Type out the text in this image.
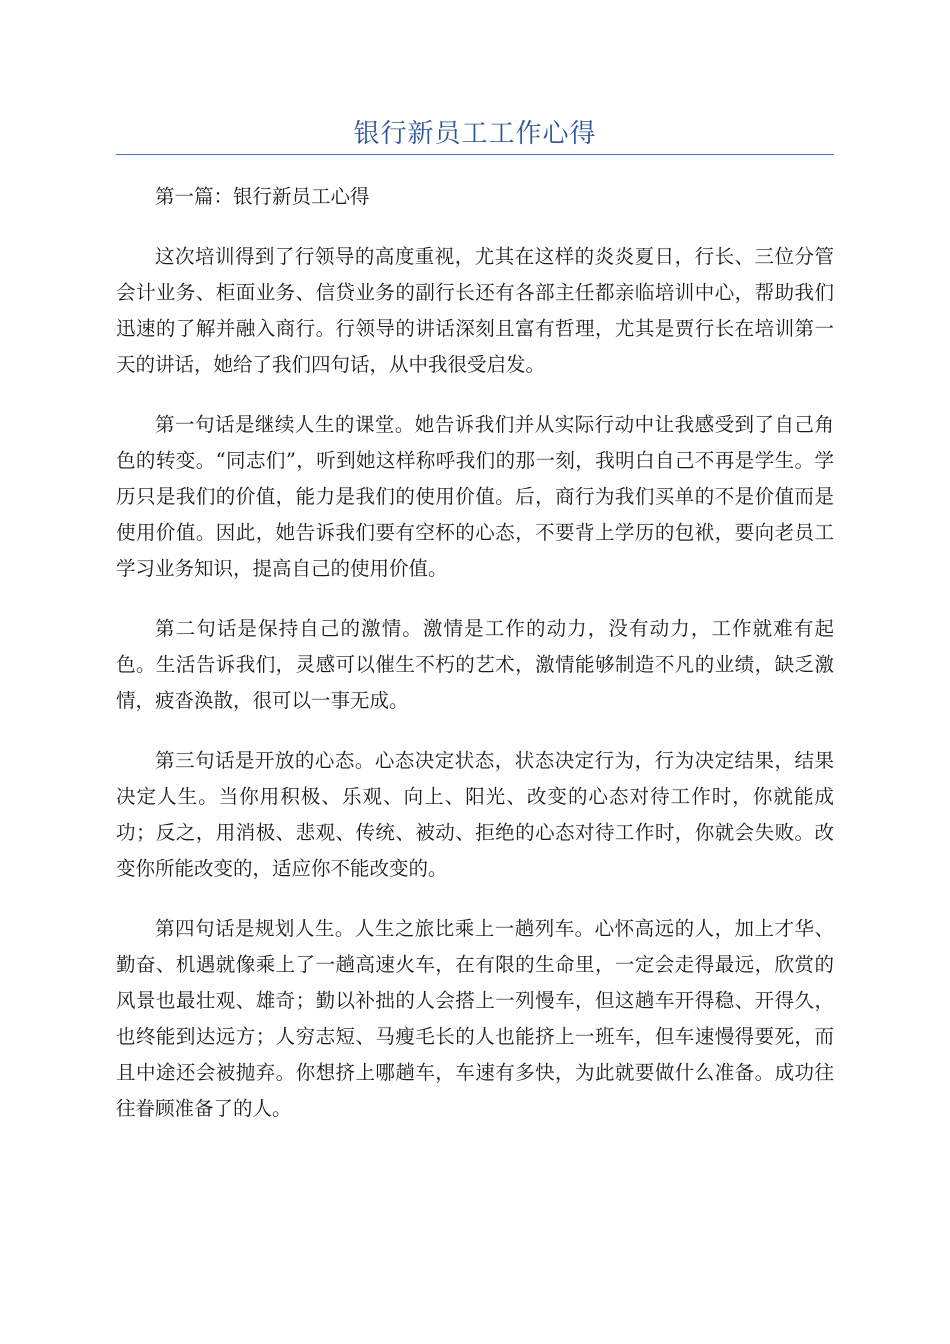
银行新员工工作心得

第一篇：银行新员工心得

这次培训得到了行领导的高度重视，尤其在这样的炎炎夏日，行长、三位分管会计业务、柜面业务、信贷业务的副行长还有各部主任都亲临培训中心，帮助我们迅速的了解并融入商行。行领导的讲话深刻且富有哲理，尤其是贾行长在培训第一天的讲话，她给了我们四句话，从中我很受启发。

第一句话是继续人生的课堂。她告诉我们并从实际行动中让我感受到了自己角色的转变。“同志们”，听到她这样称呼我们的那一刻，我明白自己不再是学生。学历只是我们的价值，能力是我们的使用价值。后，商行为我们买单的不是价值而是使用价值。因此，她告诉我们要有空杯的心态，不要背上学历的包袱，要向老员工学习业务知识，提高自己的使用价值。

第二句话是保持自己的激情。激情是工作的动力，没有动力，工作就难有起色。生活告诉我们，灵感可以催生不朽的艺术，激情能够制造不凡的业绩，缺乏激情，疲沓涣散，很可以一事无成。

第三句话是开放的心态。心态决定状态，状态决定行为，行为决定结果，结果决定人生。当你用积极、乐观、向上、阳光、改变的心态对待工作时，你就能成功；反之，用消极、悲观、传统、被动、拒绝的心态对待工作时，你就会失败。改变你所能改变的，适应你不能改变的。

第四句话是规划人生。人生之旅比乘上一趟列车。心怀高远的人，加上才华、勤奋、机遇就像乘上了一趟高速火车，在有限的生命里，一定会走得最远，欣赏的风景也最壮观、雄奇；勤以补拙的人会搭上一列慢车，但这趟车开得稳、开得久，也终能到达远方；人穷志短、马瘦毛长的人也能挤上一班车，但车速慢得要死，而且中途还会被抛弃。你想挤上哪趟车，车速有多快，为此就要做什么准备。成功往往眷顾准备了的人。
